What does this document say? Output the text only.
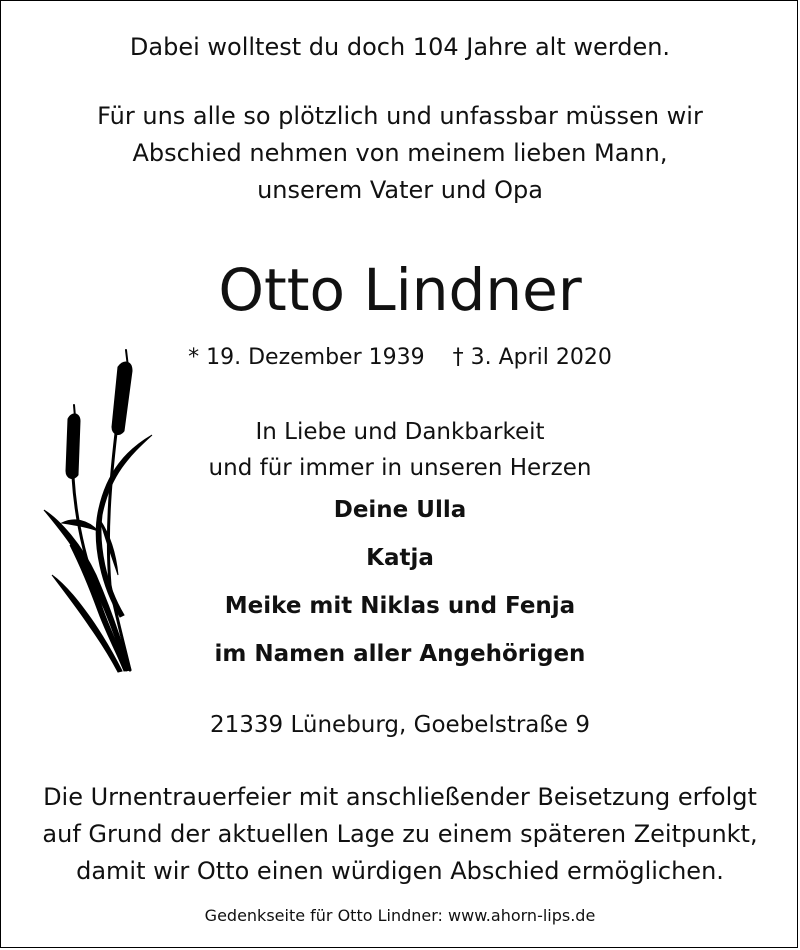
Dabei wolltest du doch 104 Jahre alt werden.
Für uns alle so plötzlich und unfassbar müssen wir
Abschied nehmen von meinem lieben Mann,
unserem Vater und Opa
Otto Lindner
* 19. Dezember 1939 † 3. April 2020
In Liebe und Dankbarkeit
und für immer in unseren Herzen
Deine Ulla
Katja
Meike mit Niklas und Fenja
im Namen aller Angehörigen
21339 Lüneburg, Goebelstraße 9
Die Urnentrauerfeier mit anschließender Beisetzung erfolgt
auf Grund der aktuellen Lage zu einem späteren Zeitpunkt,
damit wir Otto einen würdigen Abschied ermöglichen.
Gedenkseite für Otto Lindner: www.ahorn-lips.de
